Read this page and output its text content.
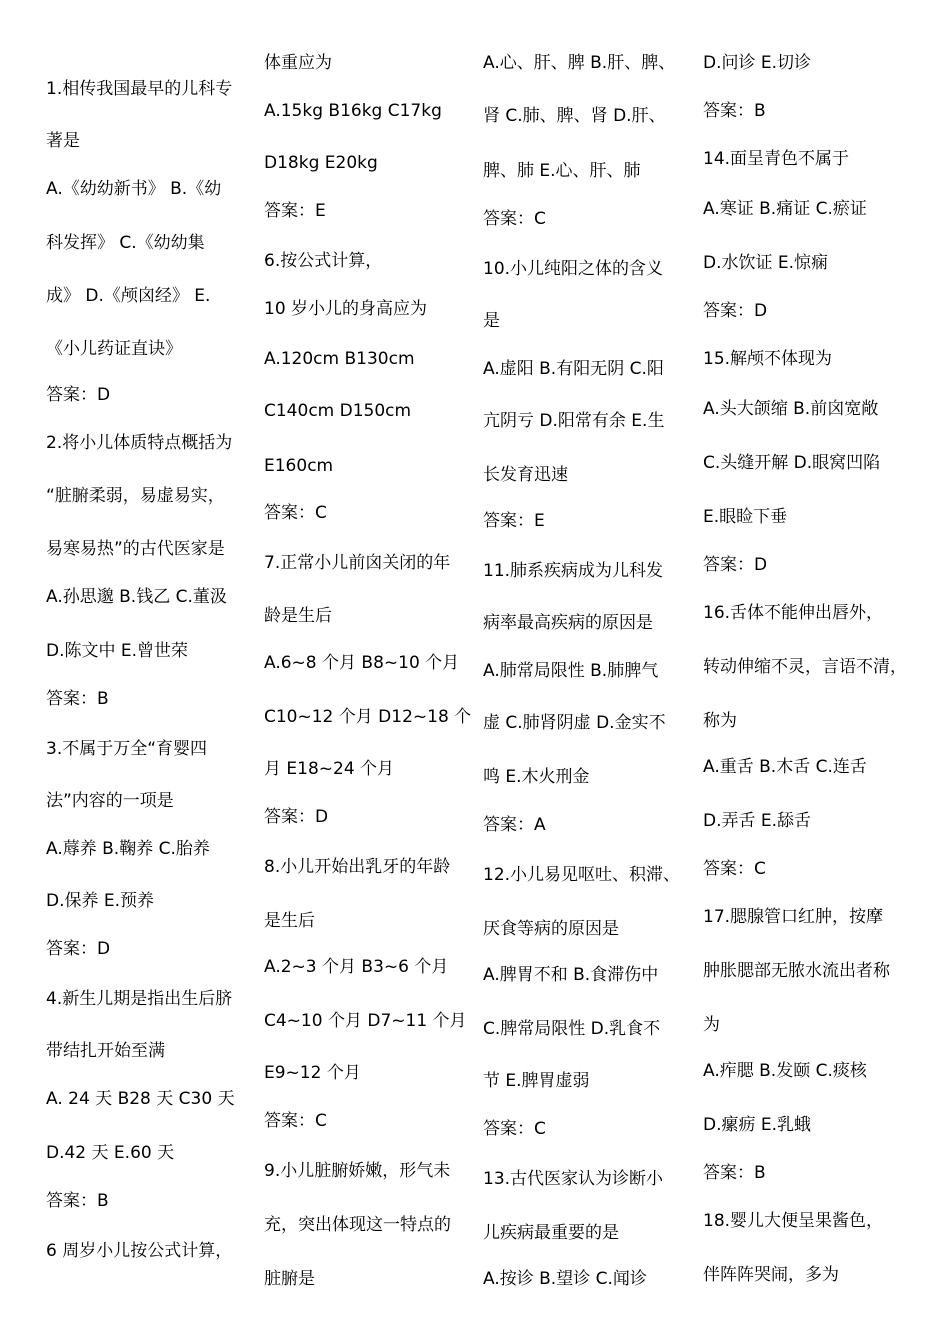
1.相传我国最早的儿科专
著是
A.《幼幼新书》 B.《幼
科发挥》 C.《幼幼集
成》 D.《颅囟经》 E.
《小儿药证直诀》
答案：D
2.将小儿体质特点概括为
“脏腑柔弱，易虚易实，
易寒易热”的古代医家是
A.孙思邈 B.钱乙 C.董汲
D.陈文中 E.曾世荣
答案：B
3.不属于万全“育婴四
法”内容的一项是
A.蓐养 B.鞠养 C.胎养
D.保养 E.预养
答案：D
4.新生儿期是指出生后脐
带结扎开始至满
A. 24 天 B28 天 C30 天
D.42 天 E.60 天
答案：B
6 周岁小儿按公式计算，
体重应为
A.15kg B16kg C17kg
D18kg E20kg
答案：E
6.按公式计算，
10 岁小儿的身高应为
A.120cm B130cm
C140cm D150cm
E160cm
答案：C
7.正常小儿前囟关闭的年
龄是生后
A.6~8 个月 B8~10 个月
C10~12 个月 D12~18 个
月 E18~24 个月
答案：D
8.小儿开始出乳牙的年龄
是生后
A.2~3 个月 B3~6 个月
C4~10 个月 D7~11 个月
E9~12 个月
答案：C
9.小儿脏腑娇嫩，形气未
充，突出体现这一特点的
脏腑是
A.心、肝、脾 B.肝、脾、
肾 C.肺、脾、肾 D.肝、
脾、肺 E.心、肝、肺
答案：C
10.小儿纯阳之体的含义
是
A.虚阳 B.有阳无阴 C.阳
亢阴亏 D.阳常有余 E.生
长发育迅速
答案：E
11.肺系疾病成为儿科发
病率最高疾病的原因是
A.肺常局限性 B.肺脾气
虚 C.肺肾阴虚 D.金实不
鸣 E.木火刑金
答案：A
12.小儿易见呕吐、积滞、
厌食等病的原因是
A.脾胃不和 B.食滞伤中
C.脾常局限性 D.乳食不
节 E.脾胃虚弱
答案：C
13.古代医家认为诊断小
儿疾病最重要的是
A.按诊 B.望诊 C.闻诊
D.问诊 E.切诊
答案：B
14.面呈青色不属于
A.寒证 B.痛证 C.瘀证
D.水饮证 E.惊痫
答案：D
15.解颅不体现为
A.头大颌缩 B.前囟宽敞
C.头缝开解 D.眼窝凹陷
E.眼睑下垂
答案：D
16.舌体不能伸出唇外，
转动伸缩不灵，言语不清，
称为
A.重舌 B.木舌 C.连舌
D.弄舌 E.舔舌
答案：C
17.腮腺管口红肿，按摩
肿胀腮部无脓水流出者称
为
A.痄腮 B.发颐 C.痰核
D.瘰疬 E.乳蛾
答案：B
18.婴儿大便呈果酱色，
伴阵阵哭闹，多为
